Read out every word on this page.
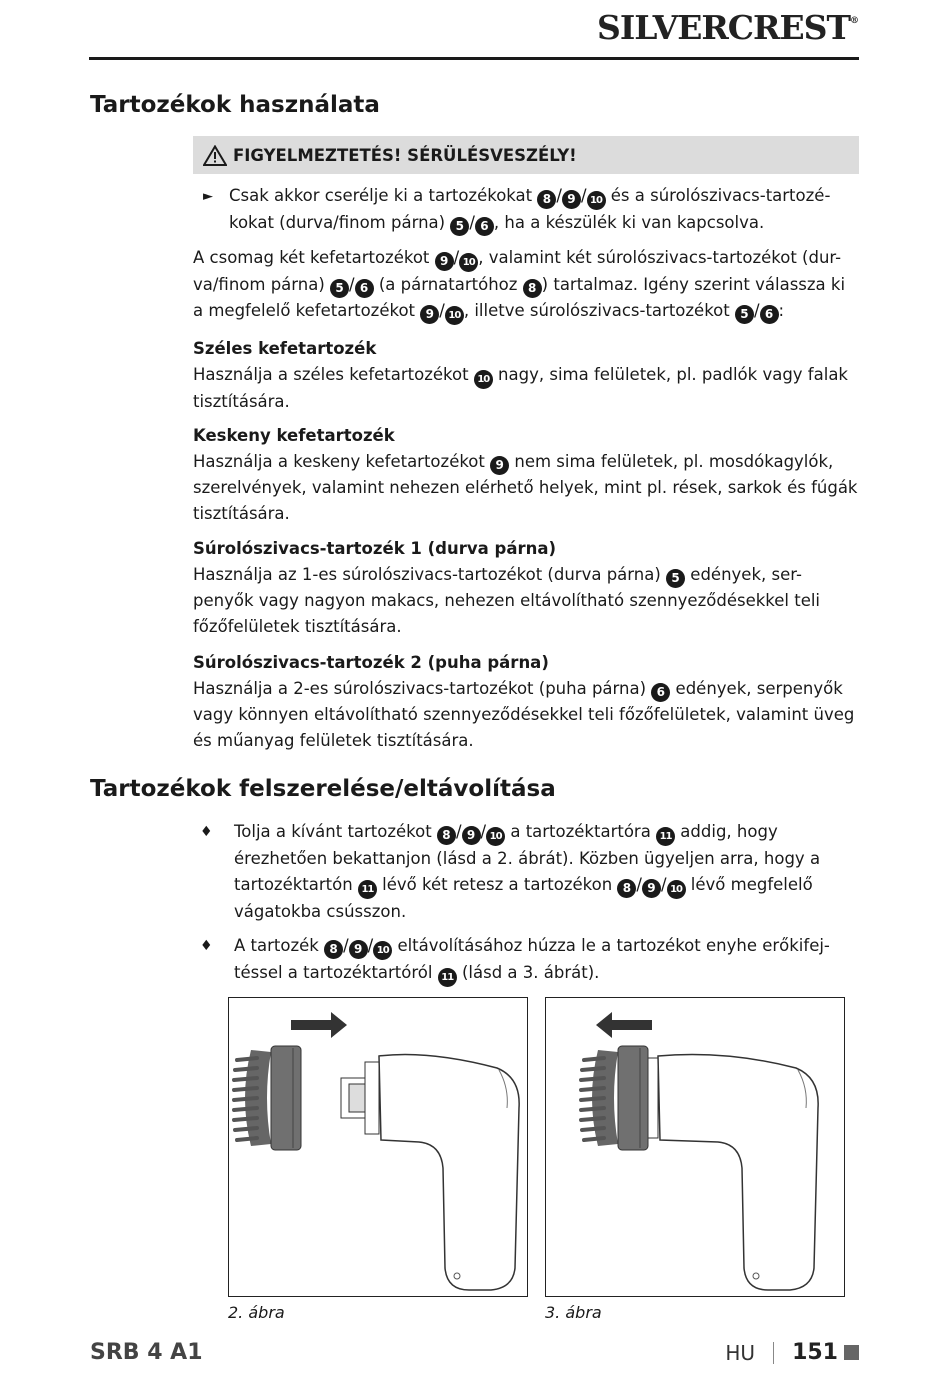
SILVERCREST®
Tartozékok használata
FIGYELMEZTETÉS! SÉRÜLÉSVESZÉLY!
► Csak akkor cserélje ki a tartozékokat 8 / 9 / 10 és a súrolószivacs-tartozé-kokat (durva/finom párna) 5 / 6 , ha a készülék ki van kapcsolva.

A csomag két kefetartozékot 9 / 10 , valamint két súrolószivacs-tartozékot (dur-va/finom párna) 5 / 6 (a párnatartóhoz 8 ) tartalmaz. Igény szerint válassza ki a megfelelő kefetartozékot 9 / 10 , illetve súrolószivacs-tartozékot 5 / 6 :

Széles kefetartozék

Használja a széles kefetartozékot 10 nagy, sima felületek, pl. padlók vagy falak tisztítására.

Keskeny kefetartozék

Használja a keskeny kefetartozékot 9 nem sima felületek, pl. mosdókagylók, szerelvények, valamint nehezen elérhető helyek, mint pl. rések, sarkok és fúgák tisztítására.

Súrolószivacs-tartozék 1 (durva párna)

Használja az 1-es súrolószivacs-tartozékot (durva párna) 5 edények, ser-penyők vagy nagyon makacs, nehezen eltávolítható szennyeződésekkel teli főzőfelületek tisztítására.

Súrolószivacs-tartozék 2 (puha párna)

Használja a 2-es súrolószivacs-tartozékot (puha párna) 6 edények, serpenyők vagy könnyen eltávolítható szennyeződésekkel teli főzőfelületek, valamint üveg és műanyag felületek tisztítására.

Tartozékok felszerelése/eltávolítása
♦	Tolja a kívánt tartozékot 8 / 9 / 10 a tartozéktartóra 11 addig, hogy érezhetően bekattanjon (lásd a 2. ábrát). Közben ügyeljen arra, hogy a tartozéktartón 11 lévő két retesz a tartozékon 8 / 9 / 10 lévő megfelelő vágatokba csússzon.
♦	A tartozék 8 / 9 / 10 eltávolításához húzza le a tartozékot enyhe erőkifej-téssel a tartozéktartóról 11 (lásd a 3. ábrát).
2. ábra	3. ábra
SRB 4 A1	HU 151
